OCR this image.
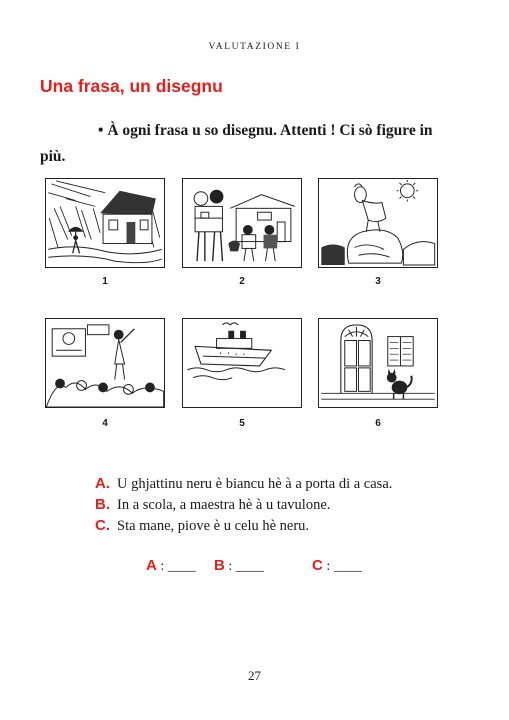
VALUTAZIONE I
Una frasa, un disegnu
• À ogni frasa u so disegnu. Attenti ! Ci sò figure in più.
1	2	3
4	5	6
A. U ghjattinu neru è biancu hè à a porta di a casa.
B. In a scola, a maestra hè à u tavulone.
C. Sta mane, piove è u celu hè neru.
A : ____ B : ____	C : ____
27
